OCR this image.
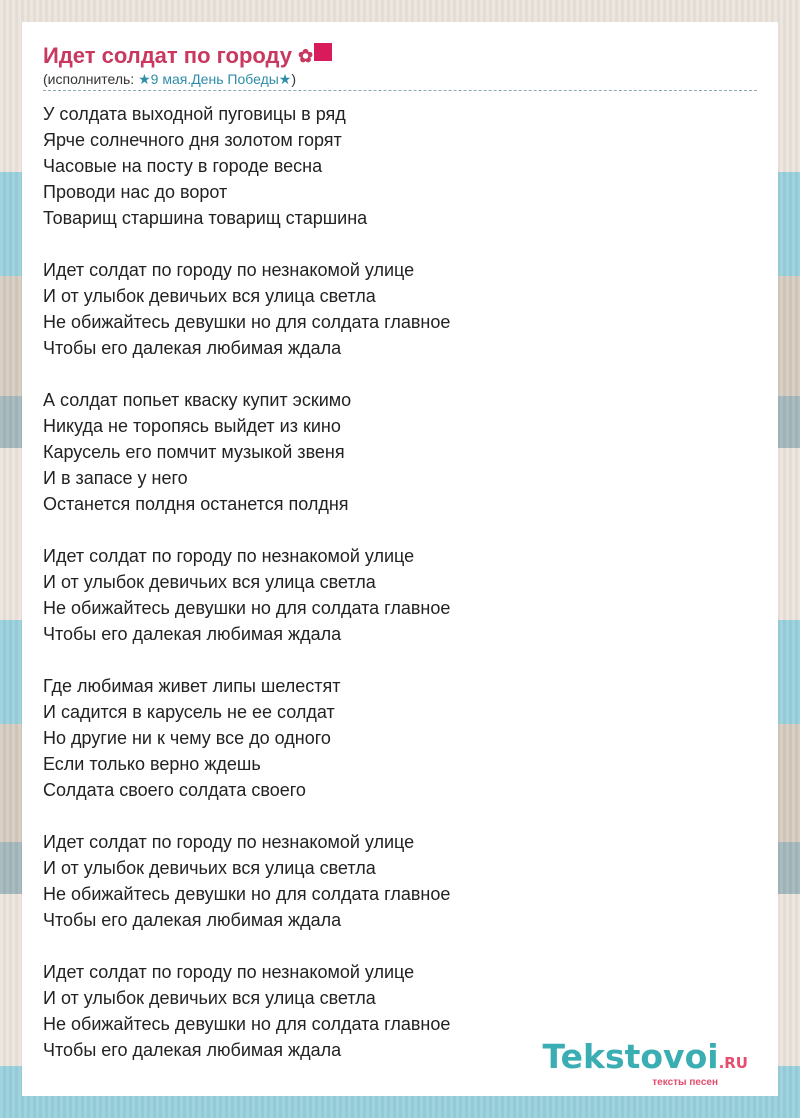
Идет солдат по городу ✿
(исполнитель: ★9 мая.День Победы★)
У солдата выходной пуговицы в ряд
Ярче солнечного дня золотом горят
Часовые на посту в городе весна
Проводи нас до ворот
Товарищ старшина товарищ старшина
Идет солдат по городу по незнакомой улице
И от улыбок девичьих вся улица светла
Не обижайтесь девушки но для солдата главное
Чтобы его далекая любимая ждала
А солдат попьет кваску купит эскимо
Никуда не торопясь выйдет из кино
Карусель его помчит музыкой звеня
И в запасе у него
Останется полдня останется полдня
Идет солдат по городу по незнакомой улице
И от улыбок девичьих вся улица светла
Не обижайтесь девушки но для солдата главное
Чтобы его далекая любимая ждала
Где любимая живет липы шелестят
И садится в карусель не ее солдат
Но другие ни к чему все до одного
Если только верно ждешь
Солдата своего солдата своего
Идет солдат по городу по незнакомой улице
И от улыбок девичьих вся улица светла
Не обижайтесь девушки но для солдата главное
Чтобы его далекая любимая ждала
Идет солдат по городу по незнакомой улице
И от улыбок девичьих вся улица светла
Не обижайтесь девушки но для солдата главное
Чтобы его далекая любимая ждала	Tekstovoi.RU
тексты песен
